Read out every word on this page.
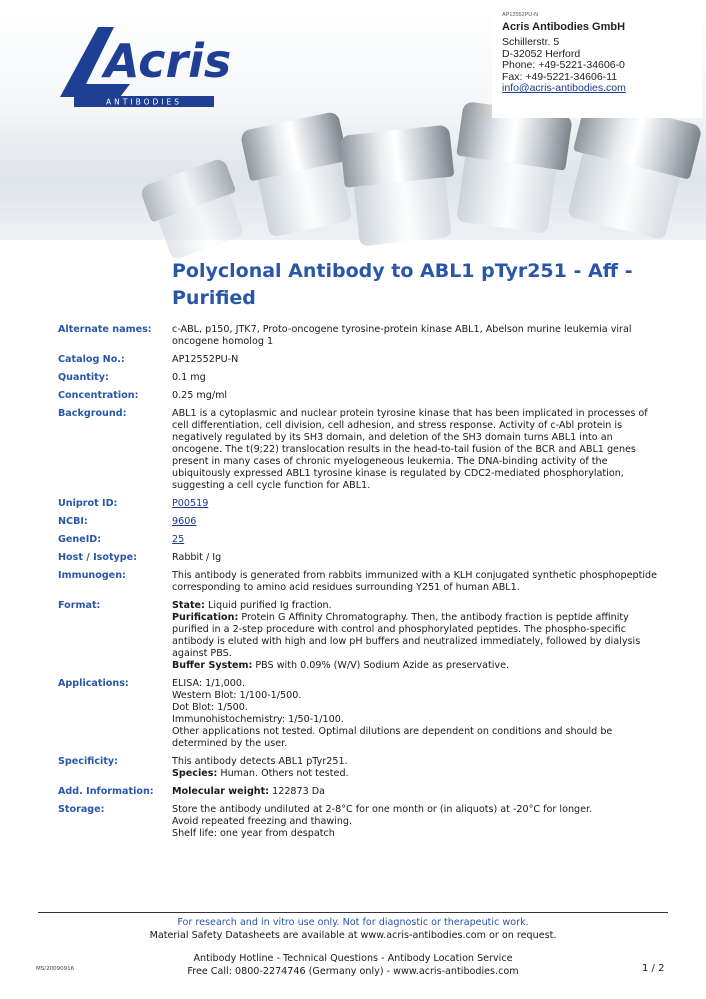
Acris
ANTIBODIES
AP12552PU-N
Acris Antibodies GmbH
Schillerstr. 5
D-32052 Herford
Phone: +49-5221-34606-0
Fax: +49-5221-34606-11
info@acris-antibodies.com
Polyclonal Antibody to ABL1 pTyr251 - Aff - Purified
Alternate names:	c-ABL, p150, JTK7, Proto-oncogene tyrosine-protein kinase ABL1, Abelson murine leukemia viral oncogene homolog 1
Catalog No.:	AP12552PU-N
Quantity:	0.1 mg
Concentration:	0.25 mg/ml
Background:	ABL1 is a cytoplasmic and nuclear protein tyrosine kinase that has been implicated in processes of cell differentiation, cell division, cell adhesion, and stress response. Activity of c-Abl protein is negatively regulated by its SH3 domain, and deletion of the SH3 domain turns ABL1 into an oncogene. The t(9;22) translocation results in the head-to-tail fusion of the BCR and ABL1 genes present in many cases of chronic myelogeneous leukemia. The DNA-binding activity of the ubiquitously expressed ABL1 tyrosine kinase is regulated by CDC2-mediated phosphorylation, suggesting a cell cycle function for ABL1.
Uniprot ID:	P00519
NCBI:	9606
GeneID:	25
Host / Isotype:	Rabbit / Ig
Immunogen:	This antibody is generated from rabbits immunized with a KLH conjugated synthetic phosphopeptide corresponding to amino acid residues surrounding Y251 of human ABL1.
Format:	State: Liquid purified Ig fraction.
Purification: Protein G Affinity Chromatography. Then, the antibody fraction is peptide affinity purified in a 2-step procedure with control and phosphorylated peptides. The phospho-specific antibody is eluted with high and low pH buffers and neutralized immediately, followed by dialysis against PBS.
Buffer System: PBS with 0.09% (W/V) Sodium Azide as preservative.
Applications:	ELISA: 1/1,000.
Western Blot: 1/100-1/500.
Dot Blot: 1/500.
Immunohistochemistry: 1/50-1/100.
Other applications not tested. Optimal dilutions are dependent on conditions and should be determined by the user.
Specificity:	This antibody detects ABL1 pTyr251.
Species: Human. Others not tested.
Add. Information:	Molecular weight: 122873 Da
Storage:	Store the antibody undiluted at 2-8°C for one month or (in aliquots) at -20°C for longer.
Avoid repeated freezing and thawing.
Shelf life: one year from despatch
For research and in vitro use only. Not for diagnostic or therapeutic work.
Material Safety Datasheets are available at www.acris-antibodies.com or on request.
Antibody Hotline - Technical Questions - Antibody Location Service
Free Call: 0800-2274746 (Germany only) - www.acris-antibodies.com
MS/20090916	1 / 2
